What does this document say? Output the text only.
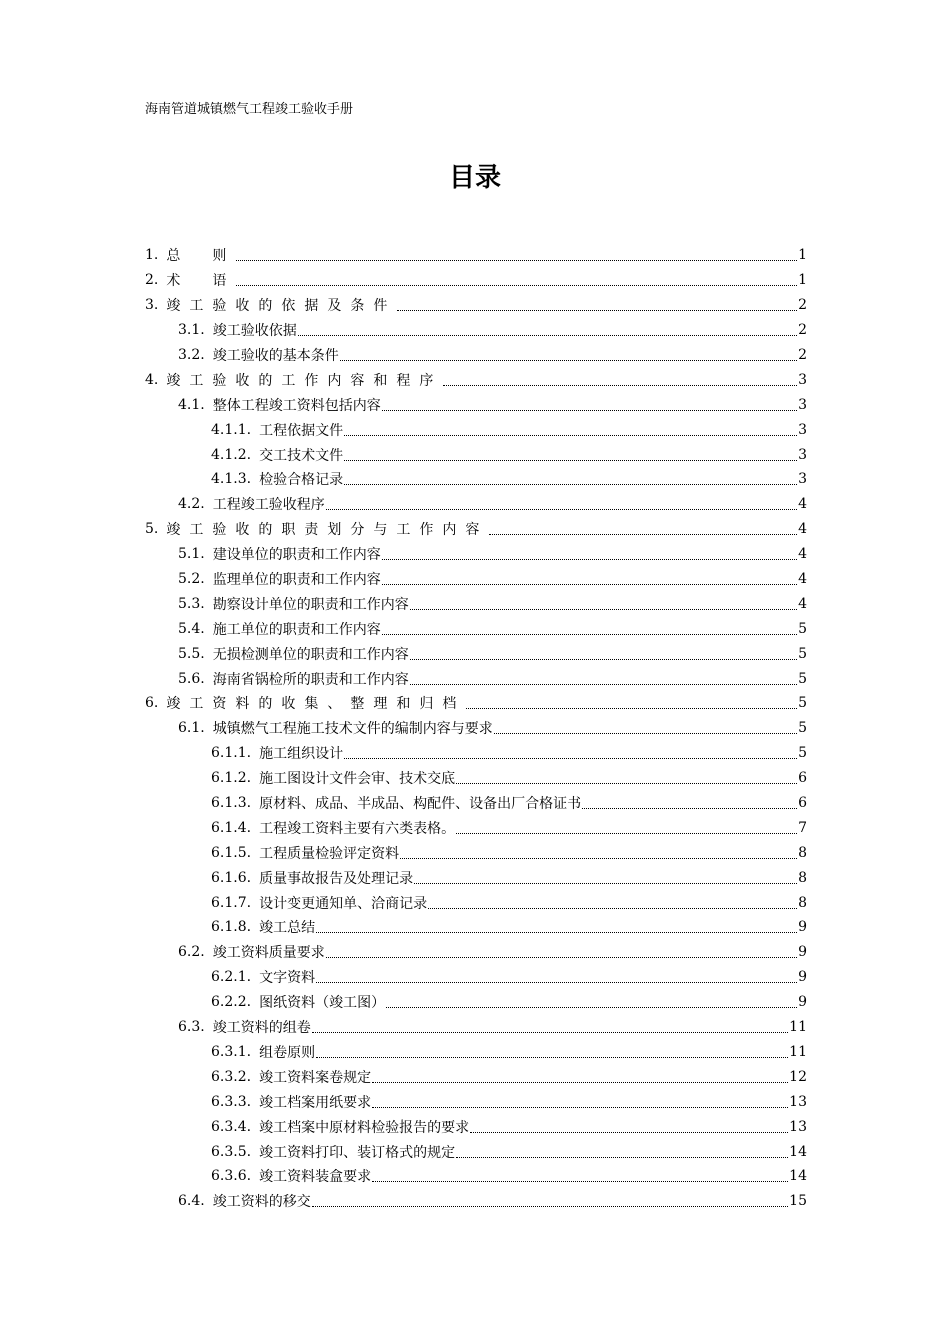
海南管道城镇燃气工程竣工验收手册
目录
1. 总　则	1
2. 术　语	1
3. 竣工验收的依据及条件	2
3.1. 竣工验收依据	2
3.2. 竣工验收的基本条件	2
4. 竣工验收的工作内容和程序	3
4.1. 整体工程竣工资料包括内容	3
4.1.1. 工程依据文件	3
4.1.2. 交工技术文件	3
4.1.3. 检验合格记录	3
4.2. 工程竣工验收程序	4
5. 竣工验收的职责划分与工作内容	4
5.1. 建设单位的职责和工作内容	4
5.2. 监理单位的职责和工作内容	4
5.3. 勘察设计单位的职责和工作内容	4
5.4. 施工单位的职责和工作内容	5
5.5. 无损检测单位的职责和工作内容	5
5.6. 海南省锅检所的职责和工作内容	5
6. 竣工资料的收集、整理和归档	5
6.1. 城镇燃气工程施工技术文件的编制内容与要求	5
6.1.1. 施工组织设计	5
6.1.2. 施工图设计文件会审、技术交底	6
6.1.3. 原材料、成品、半成品、构配件、设备出厂合格证书	6
6.1.4. 工程竣工资料主要有六类表格。	7
6.1.5. 工程质量检验评定资料	8
6.1.6. 质量事故报告及处理记录	8
6.1.7. 设计变更通知单、洽商记录	8
6.1.8. 竣工总结	9
6.2. 竣工资料质量要求	9
6.2.1. 文字资料	9
6.2.2. 图纸资料（竣工图）	9
6.3. 竣工资料的组卷	11
6.3.1. 组卷原则	11
6.3.2. 竣工资料案卷规定	12
6.3.3. 竣工档案用纸要求	13
6.3.4. 竣工档案中原材料检验报告的要求	13
6.3.5. 竣工资料打印、装订格式的规定	14
6.3.6. 竣工资料装盒要求	14
6.4. 竣工资料的移交	15
